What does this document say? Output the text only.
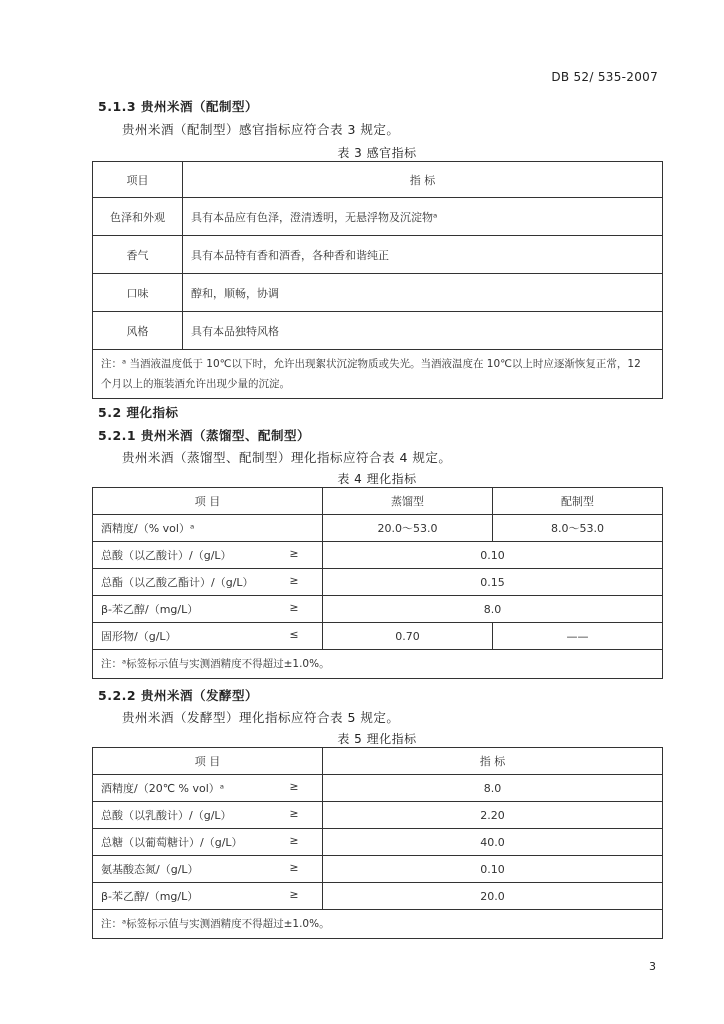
DB 52/ 535-2007
5.1.3 贵州米酒（配制型）
贵州米酒（配制型）感官指标应符合表 3 规定。
表 3 感官指标
项目	指 标
色泽和外观	具有本品应有色泽，澄清透明，无悬浮物及沉淀物ᵃ
香气	具有本品特有香和酒香，各种香和谐纯正
口味	醇和，顺畅，协调
风格	具有本品独特风格
注：ᵃ 当酒液温度低于 10℃以下时，允许出现絮状沉淀物质或失光。当酒液温度在 10℃以上时应逐渐恢复正常，12 个月以上的瓶装酒允许出现少量的沉淀。	
5.2 理化指标
5.2.1 贵州米酒（蒸馏型、配制型）
贵州米酒（蒸馏型、配制型）理化指标应符合表 4 规定。
表 4 理化指标
项 目	蒸馏型	配制型

酒精度/（% vol）ᵃ	20.0～53.0	8.0～53.0

总酸（以乙酸计）/（g/L） ≥	0.10	

总酯（以乙酸乙酯计）/（g/L） ≥	0.15	

β-苯乙醇/（mg/L） ≥	8.0	

固形物/（g/L） ≤	0.70	——
注：ᵃ标签标示值与实测酒精度不得超过±1.0%。		
5.2.2 贵州米酒（发酵型）
贵州米酒（发酵型）理化指标应符合表 5 规定。
表 5 理化指标
项 目	指 标

酒精度/（20℃ % vol）ᵃ ≥	8.0

总酸（以乳酸计）/（g/L） ≥	2.20

总糖（以葡萄糖计）/（g/L） ≥	40.0

氨基酸态氮/（g/L） ≥	0.10

β-苯乙醇/（mg/L） ≥	20.0
注：ᵃ标签标示值与实测酒精度不得超过±1.0%。	
3
